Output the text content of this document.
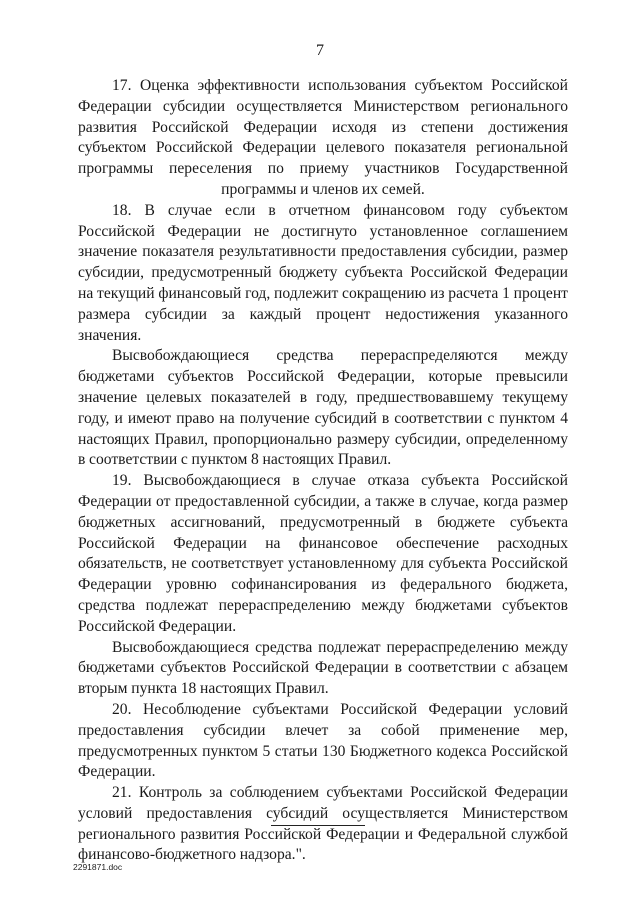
7

17. Оценка эффективности использования субъектом Российской Федерации субсидии осуществляется Министерством регионального развития Российской Федерации исходя из степени достижения субъектом Российской Федерации целевого показателя региональной программы переселения по приему участников Государственной программы и членов их семей.

18. В случае если в отчетном финансовом году субъектом Российской Федерации не достигнуто установленное соглашением значение показателя результативности предоставления субсидии, размер субсидии, предусмотренный бюджету субъекта Российской Федерации на текущий финансовый год, подлежит сокращению из расчета 1 процент размера субсидии за каждый процент недостижения указанного значения.

Высвобождающиеся средства перераспределяются между бюджетами субъектов Российской Федерации, которые превысили значение целевых показателей в году, предшествовавшему текущему году, и имеют право на получение субсидий в соответствии с пунктом 4 настоящих Правил, пропорционально размеру субсидии, определенному в соответствии с пунктом 8 настоящих Правил.

19. Высвобождающиеся в случае отказа субъекта Российской Федерации от предоставленной субсидии, а также в случае, когда размер бюджетных ассигнований, предусмотренный в бюджете субъекта Российской Федерации на финансовое обеспечение расходных обязательств, не соответствует установленному для субъекта Российской Федерации уровню софинансирования из федерального бюджета, средства подлежат перераспределению между бюджетами субъектов Российской Федерации.

Высвобождающиеся средства подлежат перераспределению между бюджетами субъектов Российской Федерации в соответствии с абзацем вторым пункта 18 настоящих Правил.

20. Несоблюдение субъектами Российской Федерации условий предоставления субсидии влечет за собой применение мер, предусмотренных пунктом 5 статьи 130 Бюджетного кодекса Российской Федерации.

21. Контроль за соблюдением субъектами Российской Федерации условий предоставления субсидий осуществляется Министерством регионального развития Российской Федерации и Федеральной службой финансово-бюджетного надзора.".

2291871.doc
